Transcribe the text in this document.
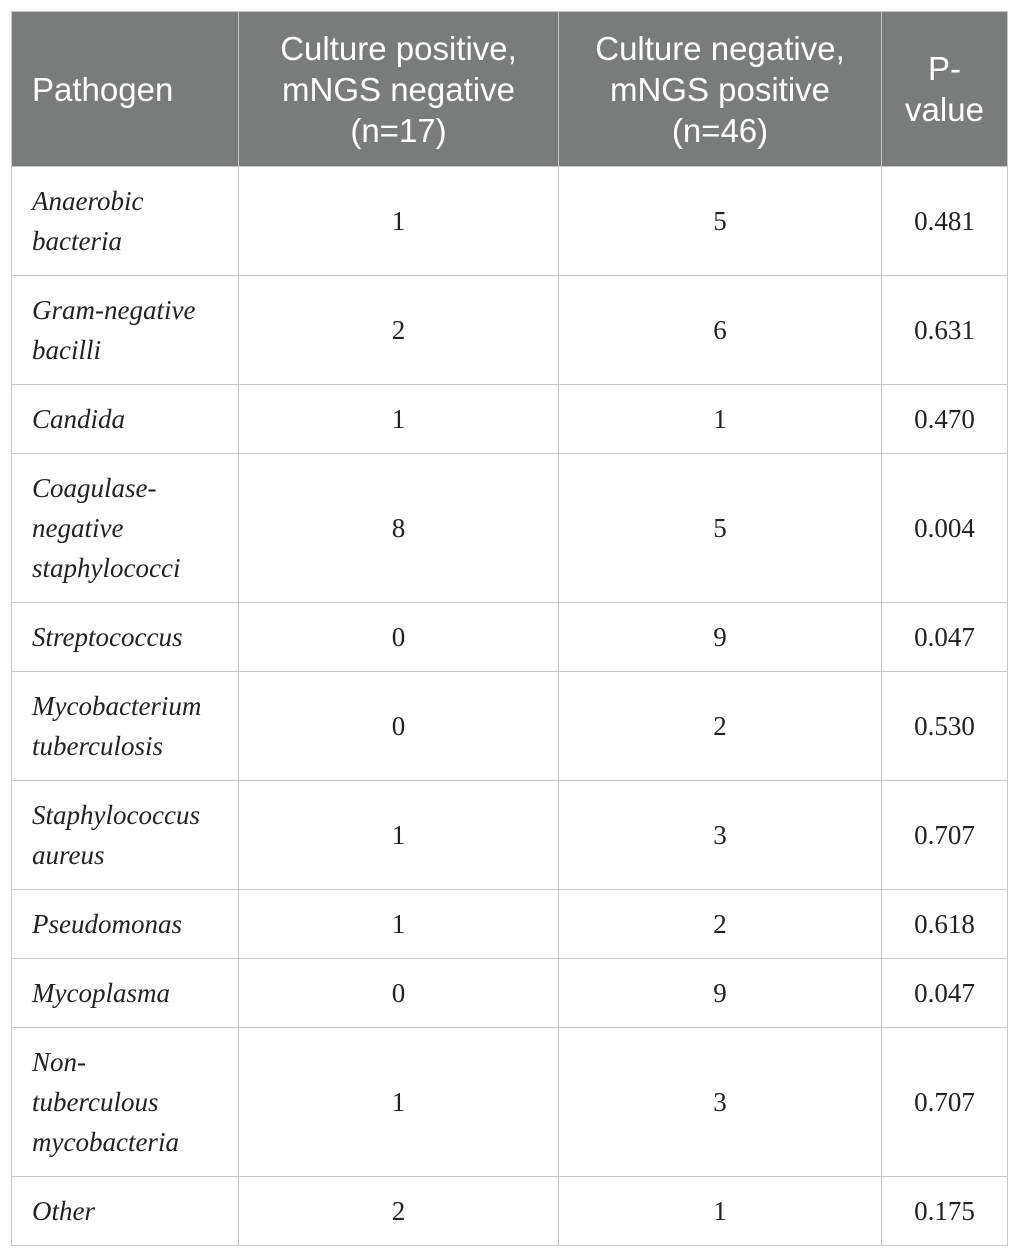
Pathogen	Culture positive, mNGS negative (n=17)	Culture negative, mNGS positive (n=46)	P-value
Anaerobic bacteria	1	5	0.481
Gram-negative bacilli	2	6	0.631
Candida	1	1	0.470
Coagulase-negative staphylococci	8	5	0.004
Streptococcus	0	9	0.047
Mycobacterium tuberculosis	0	2	0.530
Staphylococcus aureus	1	3	0.707
Pseudomonas	1	2	0.618
Mycoplasma	0	9	0.047
Non-tuberculous mycobacteria	1	3	0.707
Other	2	1	0.175
